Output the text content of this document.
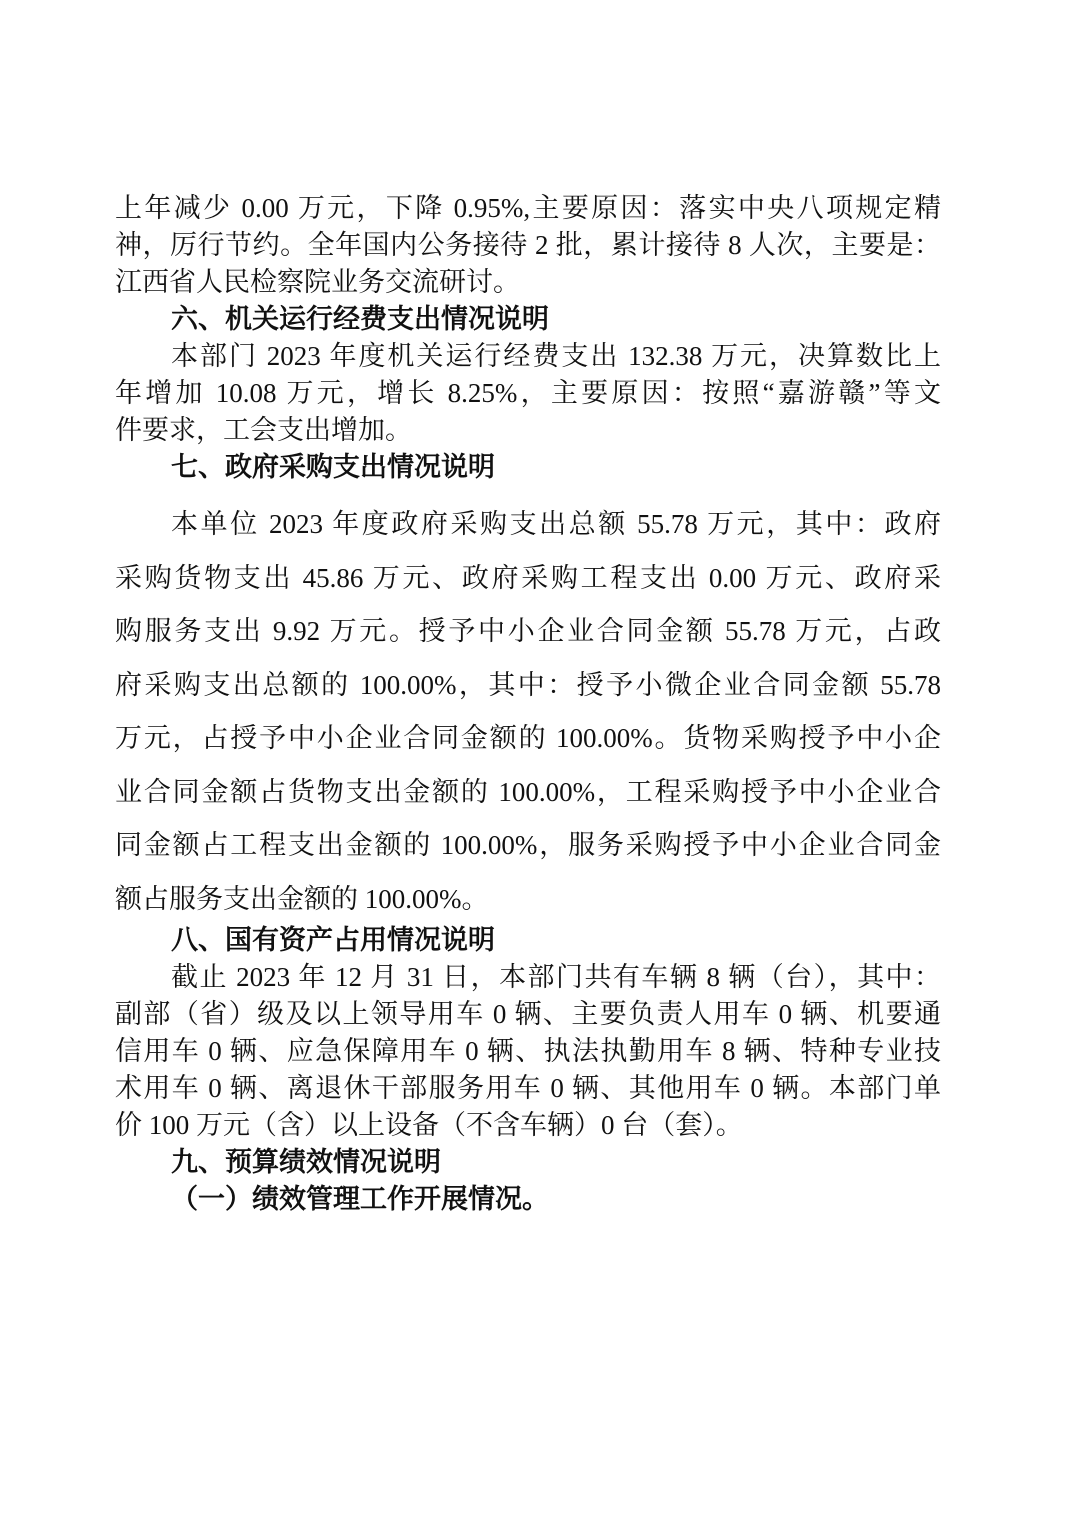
上年减少 0.00 万元，下降 0.95%,主要原因：落实中央八项规定精
神，厉行节约。全年国内公务接待 2 批，累计接待 8 人次，主要是：
江西省人民检察院业务交流研讨。
六、机关运行经费支出情况说明
本部门 2023 年度机关运行经费支出 132.38 万元，决算数比上
年增加 10.08 万元，增长 8.25%，主要原因：按照“嘉游赣”等文
件要求，工会支出增加。
七、政府采购支出情况说明
本单位 2023 年度政府采购支出总额 55.78 万元，其中：政府
采购货物支出 45.86 万元、政府采购工程支出 0.00 万元、政府采
购服务支出 9.92 万元。授予中小企业合同金额 55.78 万元，占政
府采购支出总额的 100.00%，其中：授予小微企业合同金额 55.78
万元，占授予中小企业合同金额的 100.00%。货物采购授予中小企
业合同金额占货物支出金额的 100.00%，工程采购授予中小企业合
同金额占工程支出金额的 100.00%，服务采购授予中小企业合同金
额占服务支出金额的 100.00%。
八、国有资产占用情况说明
截止 2023 年 12 月 31 日，本部门共有车辆 8 辆（台），其中：
副部（省）级及以上领导用车 0 辆、主要负责人用车 0 辆、机要通
信用车 0 辆、应急保障用车 0 辆、执法执勤用车 8 辆、特种专业技
术用车 0 辆、离退休干部服务用车 0 辆、其他用车 0 辆。本部门单
价 100 万元（含）以上设备（不含车辆）0 台（套）。
九、预算绩效情况说明
（一）绩效管理工作开展情况。
